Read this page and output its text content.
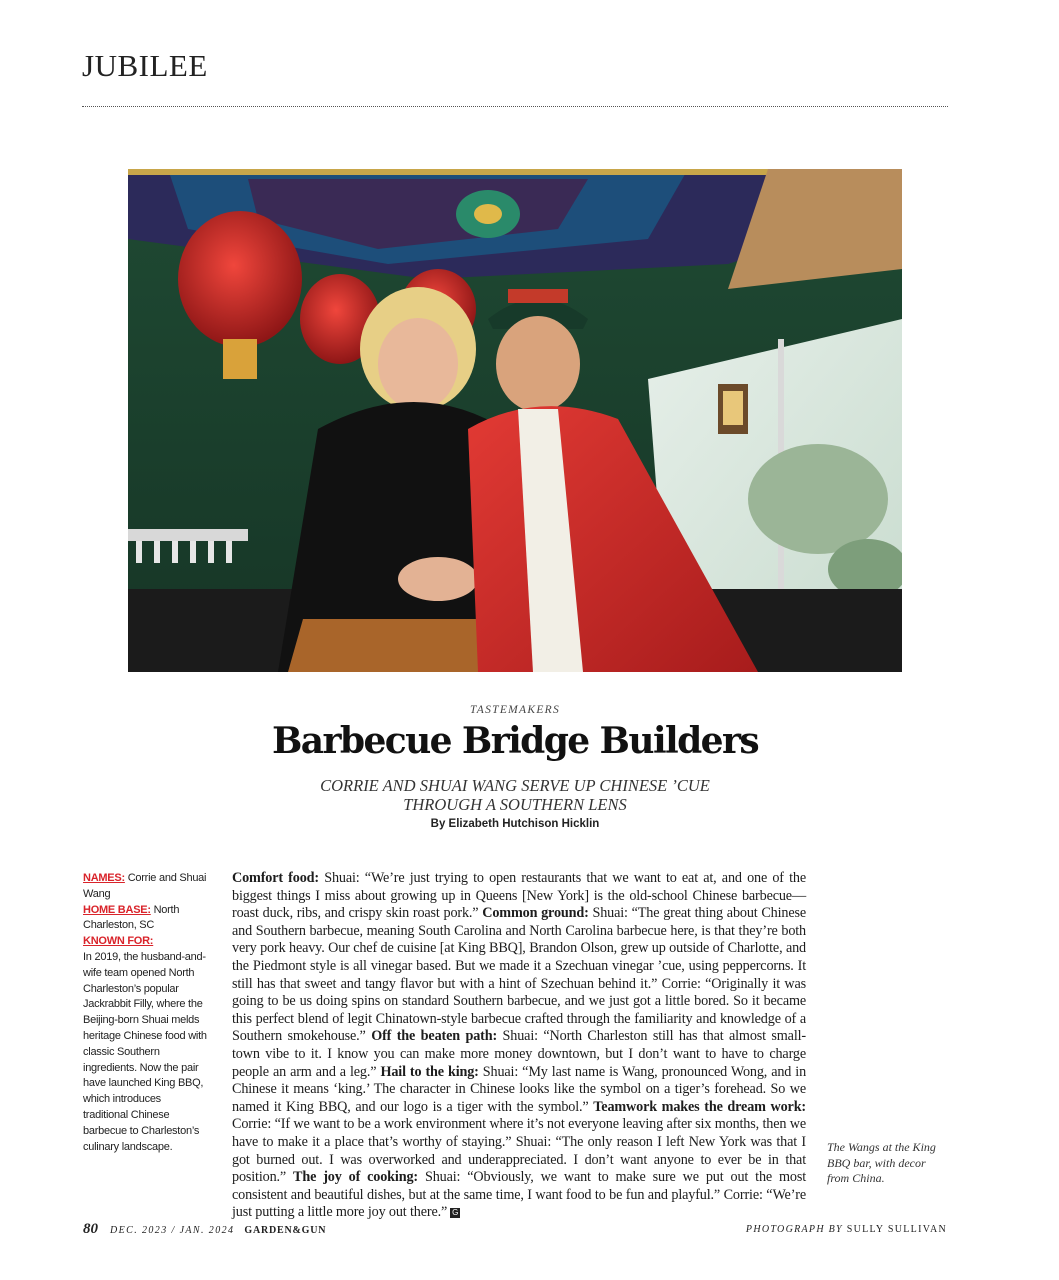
JUBILEE
TASTEMAKERS
Barbecue Bridge Builders
CORRIE AND SHUAI WANG SERVE UP CHINESE ’CUE THROUGH A SOUTHERN LENS
By Elizabeth Hutchison Hicklin
NAMES: Corrie and Shuai Wang
HOME BASE: North Charleston, SC
KNOWN FOR:
In 2019, the husband-and-wife team opened North Charleston’s popular Jackrabbit Filly, where the Beijing-born Shuai melds heritage Chinese food with classic Southern ingredients. Now the pair have launched King BBQ, which introduces traditional Chinese barbecue to Charleston’s culinary landscape.
Comfort food: Shuai: “We’re just trying to open restaurants that we want to eat at, and one of the biggest things I miss about growing up in Queens [New York] is the old-school Chinese barbecue—roast duck, ribs, and crispy skin roast pork.” Common ground: Shuai: “The great thing about Chinese and Southern barbecue, meaning South Carolina and North Carolina barbecue here, is that they’re both very pork heavy. Our chef de cuisine [at King BBQ], Brandon Olson, grew up outside of Charlotte, and the Piedmont style is all vinegar based. But we made it a Szechuan vinegar ’cue, using peppercorns. It still has that sweet and tangy flavor but with a hint of Szechuan behind it.” Corrie: “Originally it was going to be us doing spins on standard Southern barbecue, and we just got a little bored. So it became this perfect blend of legit Chinatown-style barbecue crafted through the familiarity and knowledge of a Southern smokehouse.” Off the beaten path: Shuai: “North Charleston still has that almost small-town vibe to it. I know you can make more money downtown, but I don’t want to have to charge people an arm and a leg.” Hail to the king: Shuai: “My last name is Wang, pronounced Wong, and in Chinese it means ‘king.’ The character in Chinese looks like the symbol on a tiger’s forehead. So we named it King BBQ, and our logo is a tiger with the symbol.” Teamwork makes the dream work: Corrie: “If we want to be a work environment where it’s not everyone leaving after six months, then we have to make it a place that’s worthy of staying.” Shuai: “The only reason I left New York was that I got burned out. I was overworked and underappreciated. I don’t want anyone to ever be in that position.” The joy of cooking: Shuai: “Obviously, we want to make sure we put out the most consistent and beautiful dishes, but at the same time, I want food to be fun and playful.” Corrie: “We’re just putting a little more joy out there.” G
The Wangs at the King BBQ bar, with decor from China.
80 DEC. 2023 / JAN. 2024 GARDEN&GUN	PHOTOGRAPH BY SULLY SULLIVAN
